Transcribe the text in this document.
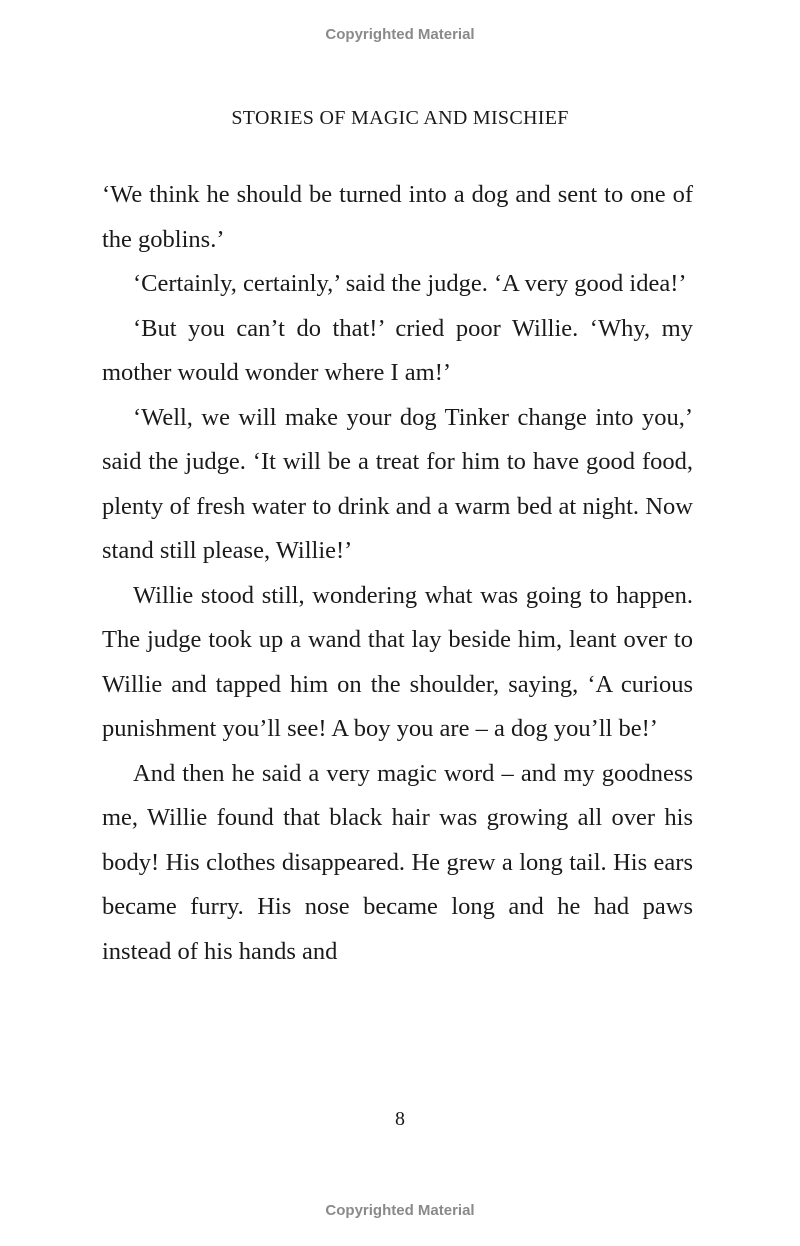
Copyrighted Material
STORIES OF MAGIC AND MISCHIEF

‘We think he should be turned into a dog and sent to one of the goblins.’

‘Certainly, certainly,’ said the judge. ‘A very good idea!’

‘But you can’t do that!’ cried poor Willie. ‘Why, my mother would wonder where I am!’

‘Well, we will make your dog Tinker change into you,’ said the judge. ‘It will be a treat for him to have good food, plenty of fresh water to drink and a warm bed at night. Now stand still please, Willie!’

Willie stood still, wondering what was going to happen. The judge took up a wand that lay beside him, leant over to Willie and tapped him on the shoulder, saying, ‘A curious punishment you’ll see! A boy you are – a dog you’ll be!’

And then he said a very magic word – and my goodness me, Willie found that black hair was growing all over his body! His clothes disappeared. He grew a long tail. His ears became furry. His nose became long and he had paws instead of his hands and

8
Copyrighted Material
